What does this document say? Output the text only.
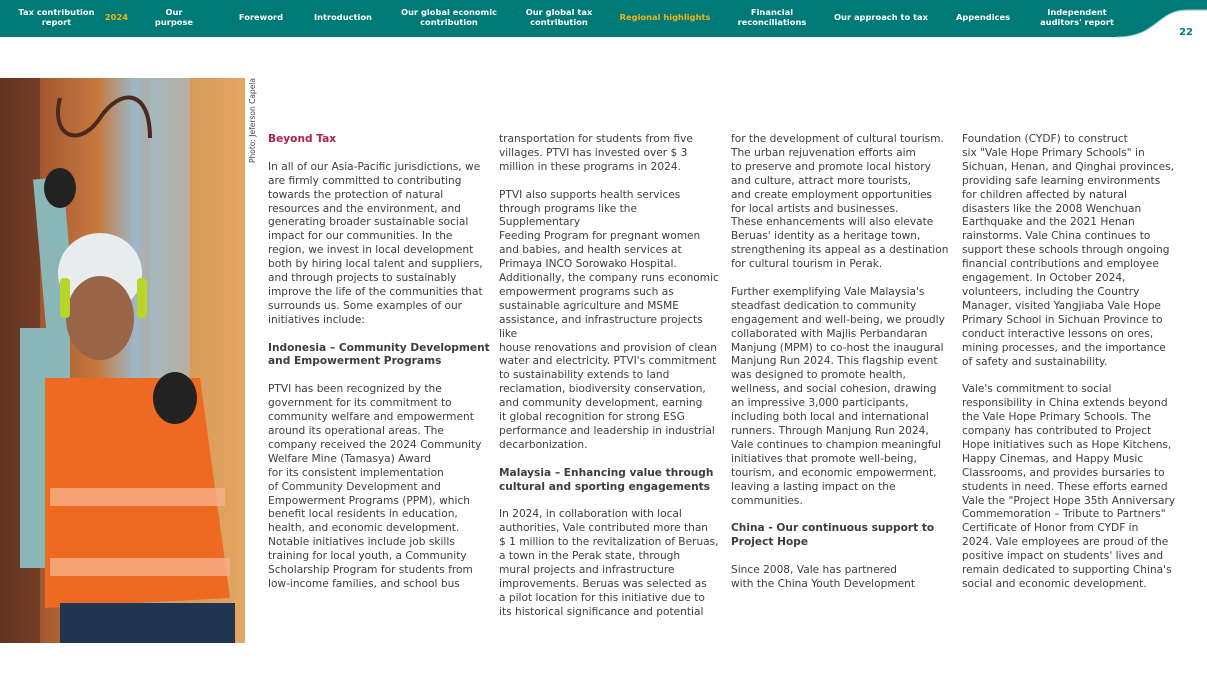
Tax contribution report	2024	Our purpose	Foreword	Introduction	Our global economic
contribution
Our global tax
contribution	Regional highlights	Financial
reconciliations	Our approach to tax	Appendices	Independent
auditors' report
22
Photo: Jeferson Capela Beyond Tax
In all of our Asia-Pacific jurisdictions, we
are firmly committed to contributing
towards the protection of natural
resources and the environment, and
generating broader sustainable social
impact for our communities. In the
region, we invest in local development
both by hiring local talent and suppliers,
and through projects to sustainably
improve the life of the communities that
surrounds us. Some examples of our
initiatives include:
Indonesia – Community Development
and Empowerment Programs
PTVI has been recognized by the
government for its commitment to
community welfare and empowerment
around its operational areas. The
company received the 2024 Community
Welfare Mine (Tamasya) Award
for its consistent implementation
of Community Development and
Empowerment Programs (PPM), which
benefit local residents in education,
health, and economic development.
Notable initiatives include job skills
training for local youth, a Community
Scholarship Program for students from
low-income families, and school bus
transportation for students from five
villages. PTVI has invested over $ 3
million in these programs in 2024.
PTVI also supports health services
through programs like the Supplementary
Feeding Program for pregnant women
and babies, and health services at
Primaya INCO Sorowako Hospital.
Additionally, the company runs economic
empowerment programs such as
sustainable agriculture and MSME
assistance, and infrastructure projects like
house renovations and provision of clean
water and electricity. PTVI's commitment
to sustainability extends to land
reclamation, biodiversity conservation,
and community development, earning
it global recognition for strong ESG
performance and leadership in industrial
decarbonization.
Malaysia – Enhancing value through
cultural and sporting engagements
In 2024, in collaboration with local
authorities, Vale contributed more than
$ 1 million to the revitalization of Beruas,
a town in the Perak state, through
mural projects and infrastructure
improvements. Beruas was selected as
a pilot location for this initiative due to
its historical significance and potential
for the development of cultural tourism.
The urban rejuvenation efforts aim
to preserve and promote local history
and culture, attract more tourists,
and create employment opportunities
for local artists and businesses.
These enhancements will also elevate
Beruas' identity as a heritage town,
strengthening its appeal as a destination
for cultural tourism in Perak.
Further exemplifying Vale Malaysia's
steadfast dedication to community
engagement and well-being, we proudly
collaborated with Majlis Perbandaran
Manjung (MPM) to co-host the inaugural
Manjung Run 2024. This flagship event
was designed to promote health,
wellness, and social cohesion, drawing
an impressive 3,000 participants,
including both local and international
runners. Through Manjung Run 2024,
Vale continues to champion meaningful
initiatives that promote well-being,
tourism, and economic empowerment,
leaving a lasting impact on the
communities.
China - Our continuous support to
Project Hope
Since 2008, Vale has partnered
with the China Youth Development
Foundation (CYDF) to construct
six "Vale Hope Primary Schools" in
Sichuan, Henan, and Qinghai provinces,
providing safe learning environments
for children affected by natural
disasters like the 2008 Wenchuan
Earthquake and the 2021 Henan
rainstorms. Vale China continues to
support these schools through ongoing
financial contributions and employee
engagement. In October 2024,
volunteers, including the Country
Manager, visited Yangjiaba Vale Hope
Primary School in Sichuan Province to
conduct interactive lessons on ores,
mining processes, and the importance
of safety and sustainability.
Vale's commitment to social
responsibility in China extends beyond
the Vale Hope Primary Schools. The
company has contributed to Project
Hope initiatives such as Hope Kitchens,
Happy Cinemas, and Happy Music
Classrooms, and provides bursaries to
students in need. These efforts earned
Vale the "Project Hope 35th Anniversary
Commemoration – Tribute to Partners"
Certificate of Honor from CYDF in
2024. Vale employees are proud of the
positive impact on students' lives and
remain dedicated to supporting China's
social and economic development.
